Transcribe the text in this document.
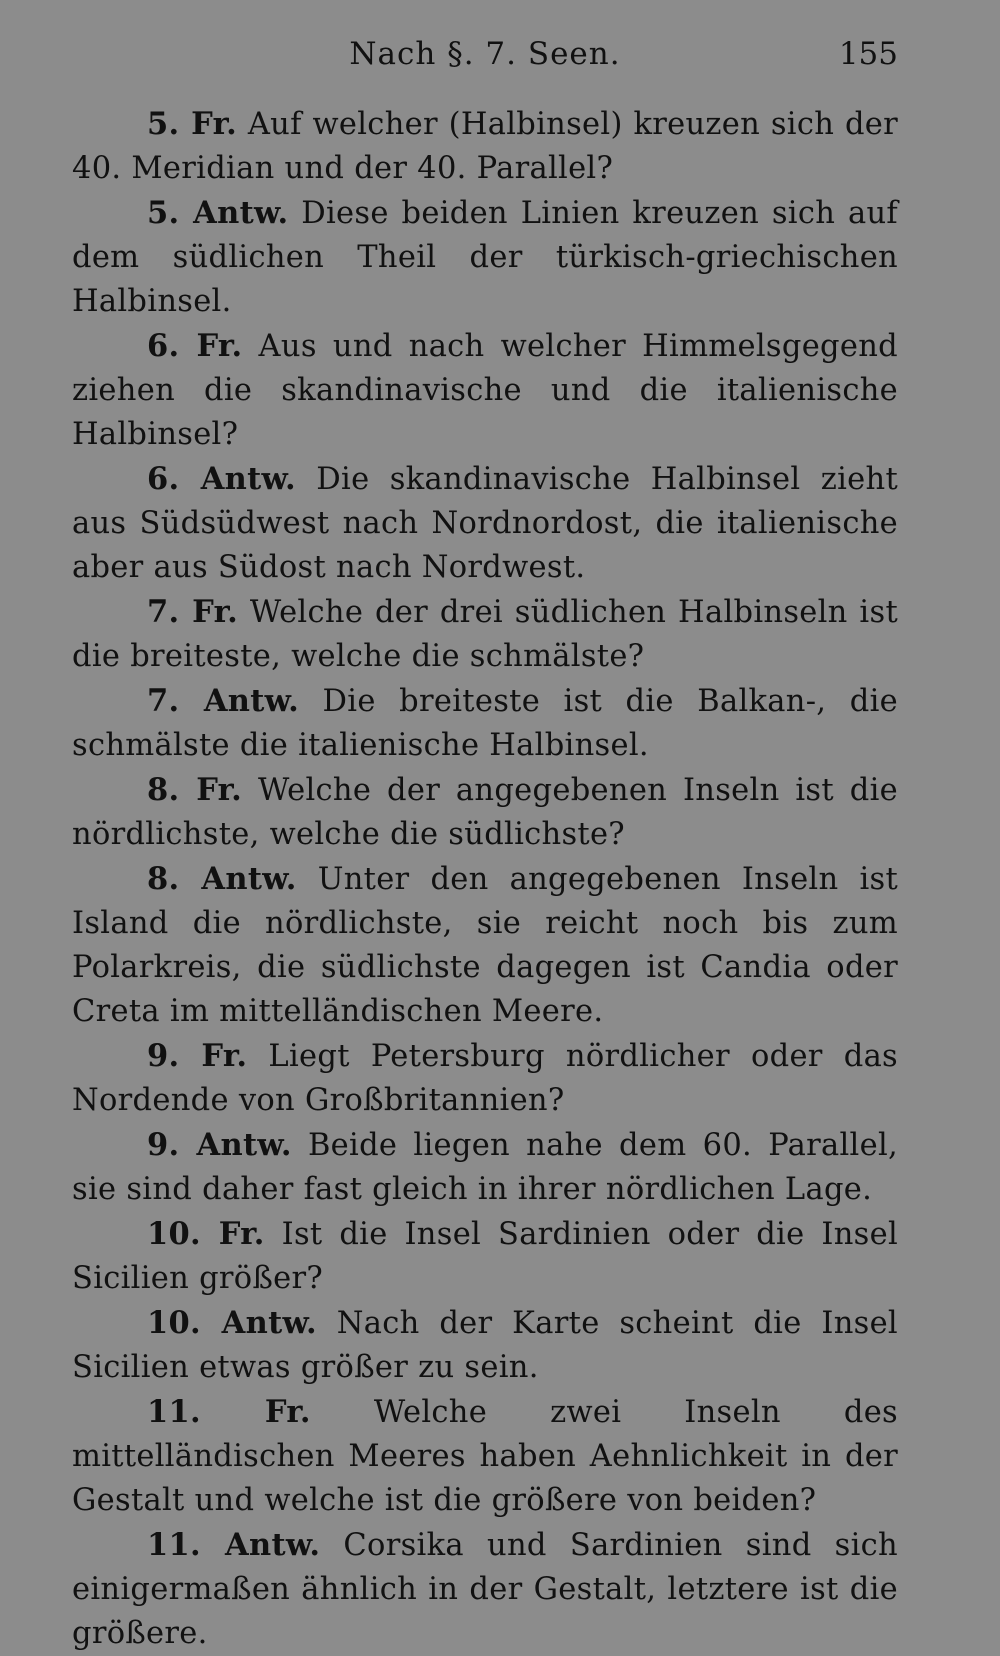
Nach §. 7. Seen.	155

5. Fr. Auf welcher (Halbinsel) kreuzen sich der 40. Meridian und der 40. Parallel?

5. Antw. Diese beiden Linien kreuzen sich auf dem südlichen Theil der türkisch-griechischen Halbinsel.

6. Fr. Aus und nach welcher Himmelsgegend ziehen die skandinavische und die italienische Halbinsel?

6. Antw. Die skandinavische Halbinsel zieht aus Südsüdwest nach Nordnordost, die italienische aber aus Südost nach Nordwest.

7. Fr. Welche der drei südlichen Halbinseln ist die breiteste, welche die schmälste?

7. Antw. Die breiteste ist die Balkan-, die schmälste die italienische Halbinsel.

8. Fr. Welche der angegebenen Inseln ist die nördlichste, welche die südlichste?

8. Antw. Unter den angegebenen Inseln ist Island die nördlichste, sie reicht noch bis zum Polarkreis, die südlichste dagegen ist Candia oder Creta im mittelländischen Meere.

9. Fr. Liegt Petersburg nördlicher oder das Nordende von Großbritannien?

9. Antw. Beide liegen nahe dem 60. Parallel, sie sind daher fast gleich in ihrer nördlichen Lage.

10. Fr. Ist die Insel Sardinien oder die Insel Sicilien größer?

10. Antw. Nach der Karte scheint die Insel Sicilien etwas größer zu sein.

11. Fr. Welche zwei Inseln des mittelländischen Meeres haben Aehnlichkeit in der Gestalt und welche ist die größere von beiden?

11. Antw. Corsika und Sardinien sind sich einigermaßen ähnlich in der Gestalt, letztere ist die größere.
